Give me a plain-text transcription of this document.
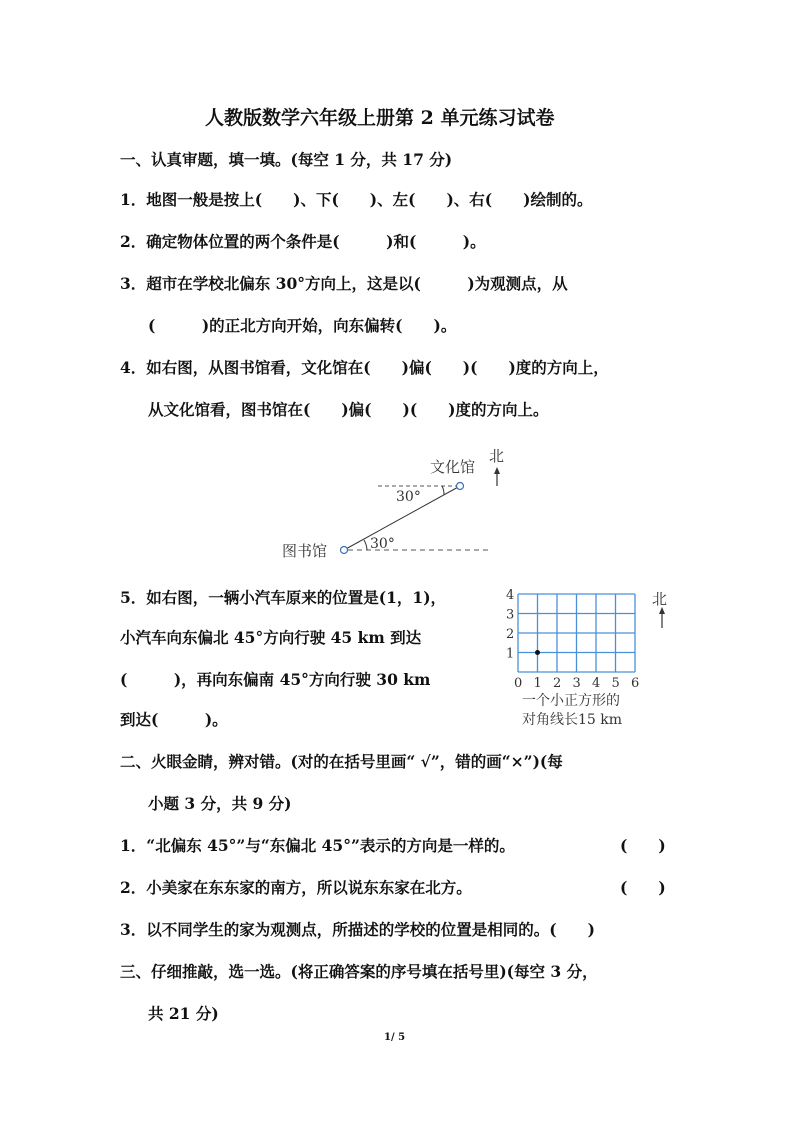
人教版数学六年级上册第 2 单元练习试卷
一、认真审题，填一填。(每空 1 分，共 17 分)
1．地图一般是按上(　　)、下(　　)、左(　　)、右(　　)绘制的。
2．确定物体位置的两个条件是(　　　)和(　　　)。
3．超市在学校北偏东 30°方向上，这是以(　　　)为观测点，从
(　　　)的正北方向开始，向东偏转(　　)。
4．如右图，从图书馆看，文化馆在(　　)偏(　　)(　　)度的方向上，
从文化馆看，图书馆在(　　)偏(　　)(　　)度的方向上。
北
文化馆
图书馆
30°
30°
5．如右图，一辆小汽车原来的位置是(1，1)，
小汽车向东偏北 45°方向行驶 45 km 到达
(　　　)，再向东偏南 45°方向行驶 30 km
到达(　　　)。
0 1 2 3 4 5 6
1
2
3
4	北
一个小正方形的
对角线长15 km
二、火眼金睛，辨对错。(对的在括号里画“ √”，错的画“×”)(每
小题 3 分，共 9 分)
1．“北偏东 45°”与“东偏北 45°”表示的方向是一样的。	(　　)
2．小美家在东东家的南方，所以说东东家在北方。	(　　)
3．以不同学生的家为观测点，所描述的学校的位置是相同的。(　　)
三、仔细推敲，选一选。(将正确答案的序号填在括号里)(每空 3 分，
共 21 分)
1/ 5
